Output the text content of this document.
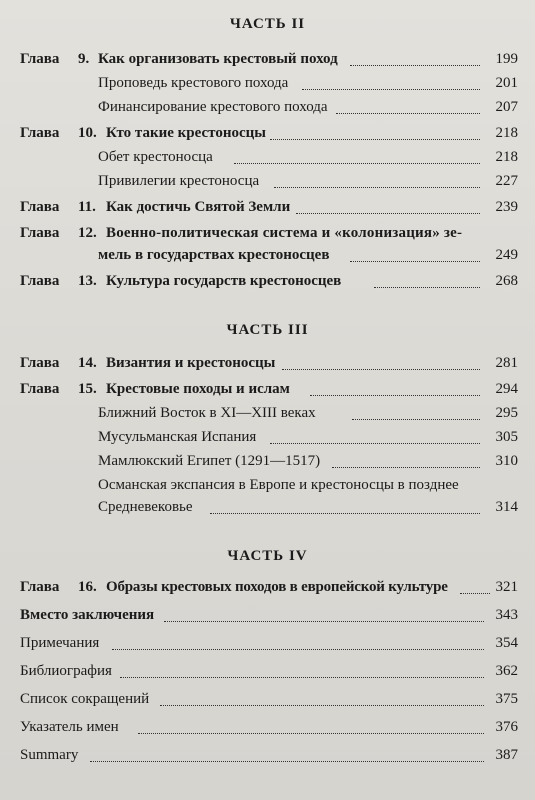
ЧАСТЬ II
Глава 9. Как организовать крестовый поход	199
Проповедь крестового похода	201
Финансирование крестового похода	207
Глава 10. Кто такие крестоносцы	218
Обет крестоносца	218
Привилегии крестоносца	227
Глава 11. Как достичь Святой Земли	239
Глава 12. Военно-политическая система и «колонизация» зе-
мель в государствах крестоносцев	249
Глава 13. Культура государств крестоносцев	268
ЧАСТЬ III
Глава 14. Византия и крестоносцы	281
Глава 15. Крестовые походы и ислам	294
Ближний Восток в XI—XIII веках	295
Мусульманская Испания	305
Мамлюкский Египет (1291—1517)	310
Османская экспансия в Европе и крестоносцы в позднее
Средневековье	314
ЧАСТЬ IV
Глава 16. Образы крестовых походов в европейской культуре	321
Вместо заключения	343
Примечания	354
Библиография	362
Список сокращений	375
Указатель имен	376
Summary	387
